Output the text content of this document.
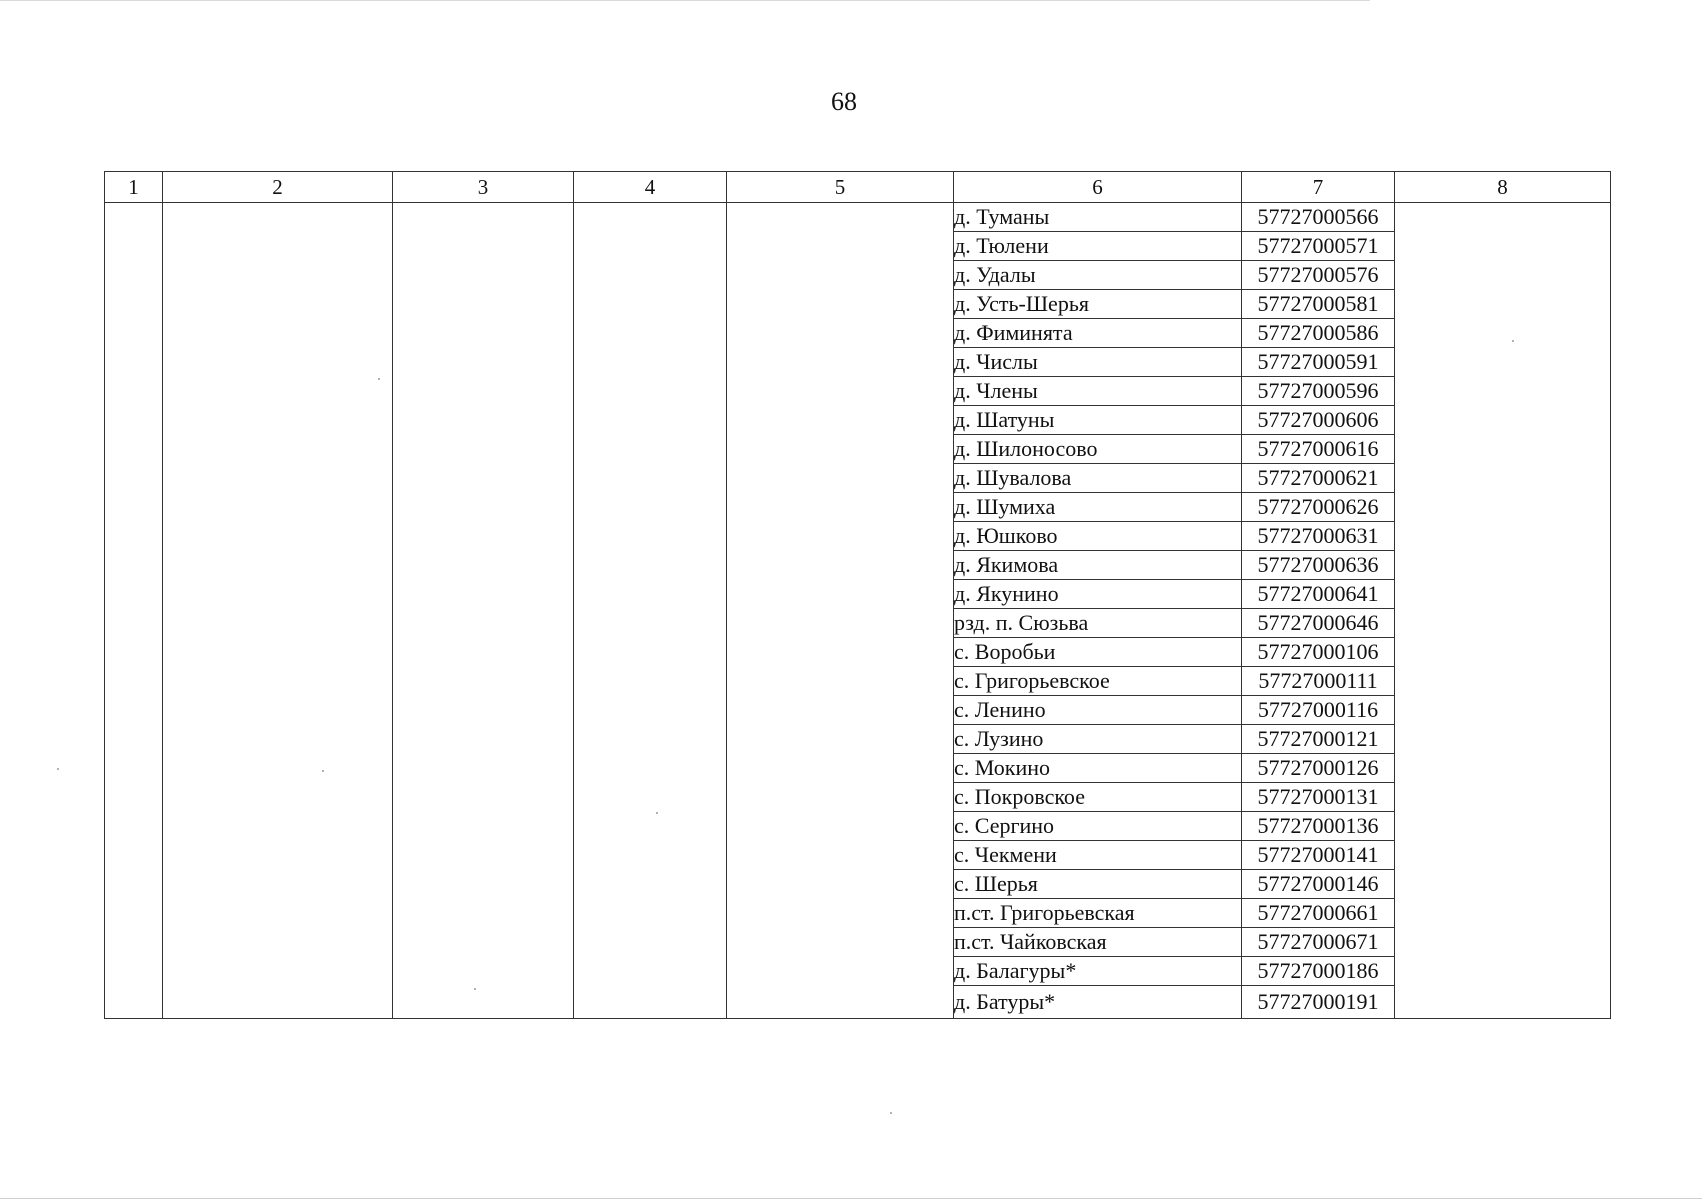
68
1	2	3	4	5	6	7	8
					д. Туманы	57727000566	
					д. Тюлени	57727000571	
					д. Удалы	57727000576	
					д. Усть-Шерья	57727000581	
					д. Фиминята	57727000586	
					д. Числы	57727000591	
					д. Члены	57727000596	
					д. Шатуны	57727000606	
					д. Шилоносово	57727000616	
					д. Шувалова	57727000621	
					д. Шумиха	57727000626	
					д. Юшково	57727000631	
					д. Якимова	57727000636	
					д. Якунино	57727000641	
					рзд. п. Сюзьва	57727000646	
					с. Воробьи	57727000106	
					с. Григорьевское	57727000111	
					с. Ленино	57727000116	
					с. Лузино	57727000121	
					с. Мокино	57727000126	
					с. Покровское	57727000131	
					с. Сергино	57727000136	
					с. Чекмени	57727000141	
					с. Шерья	57727000146	
					п.ст. Григорьевская	57727000661	
					п.ст. Чайковская	57727000671	
					д. Балагуры*	57727000186	
					д. Батуры*	57727000191	
